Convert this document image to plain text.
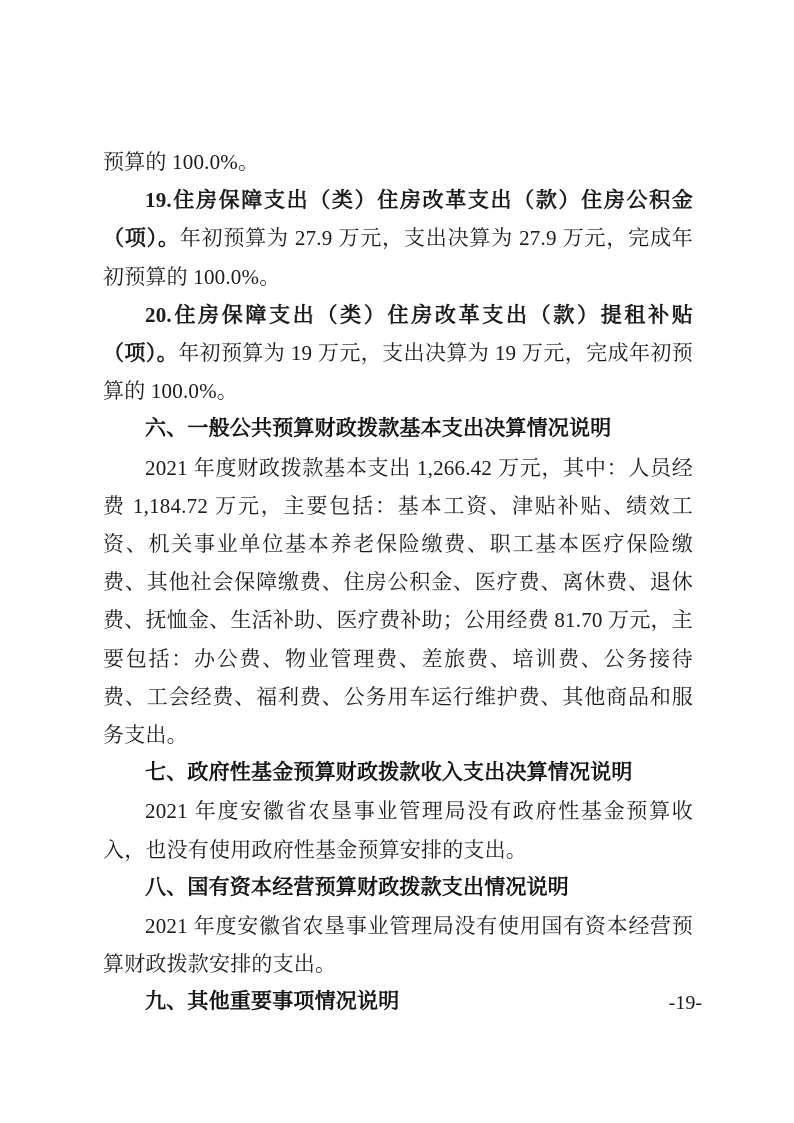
预算的 100.0%。

19.住房保障支出（类）住房改革支出（款）住房公积金（项）。年初预算为 27.9 万元，支出决算为 27.9 万元，完成年初预算的 100.0%。

20.住房保障支出（类）住房改革支出（款）提租补贴（项）。年初预算为 19 万元，支出决算为 19 万元，完成年初预算的 100.0%。

六、一般公共预算财政拨款基本支出决算情况说明

2021 年度财政拨款基本支出 1,266.42 万元，其中：人员经费 1,184.72 万元，主要包括：基本工资、津贴补贴、绩效工资、机关事业单位基本养老保险缴费、职工基本医疗保险缴费、其他社会保障缴费、住房公积金、医疗费、离休费、退休费、抚恤金、生活补助、医疗费补助；公用经费 81.70 万元，主要包括：办公费、物业管理费、差旅费、培训费、公务接待费、工会经费、福利费、公务用车运行维护费、其他商品和服务支出。

七、政府性基金预算财政拨款收入支出决算情况说明

2021 年度安徽省农垦事业管理局没有政府性基金预算收入，也没有使用政府性基金预算安排的支出。

八、国有资本经营预算财政拨款支出情况说明

2021 年度安徽省农垦事业管理局没有使用国有资本经营预算财政拨款安排的支出。

九、其他重要事项情况说明	-19-
